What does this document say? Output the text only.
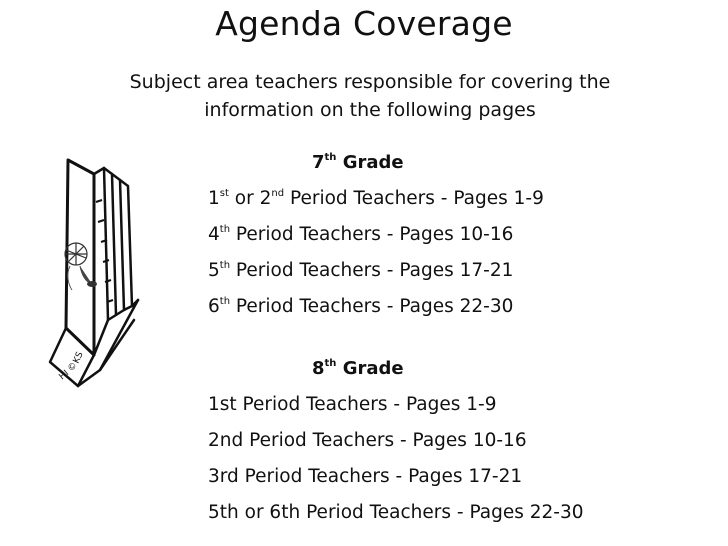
Agenda Coverage
Subject area teachers responsible for covering the
information on the following pages
HI
©
KS
7th Grade
1st or 2nd Period Teachers - Pages 1-9
4th Period Teachers - Pages 10-16
5th Period Teachers - Pages 17-21
6th Period Teachers - Pages 22-30
8th Grade
1st Period Teachers - Pages 1-9
2nd Period Teachers - Pages 10-16
3rd Period Teachers - Pages 17-21
5th or 6th Period Teachers - Pages 22-30
